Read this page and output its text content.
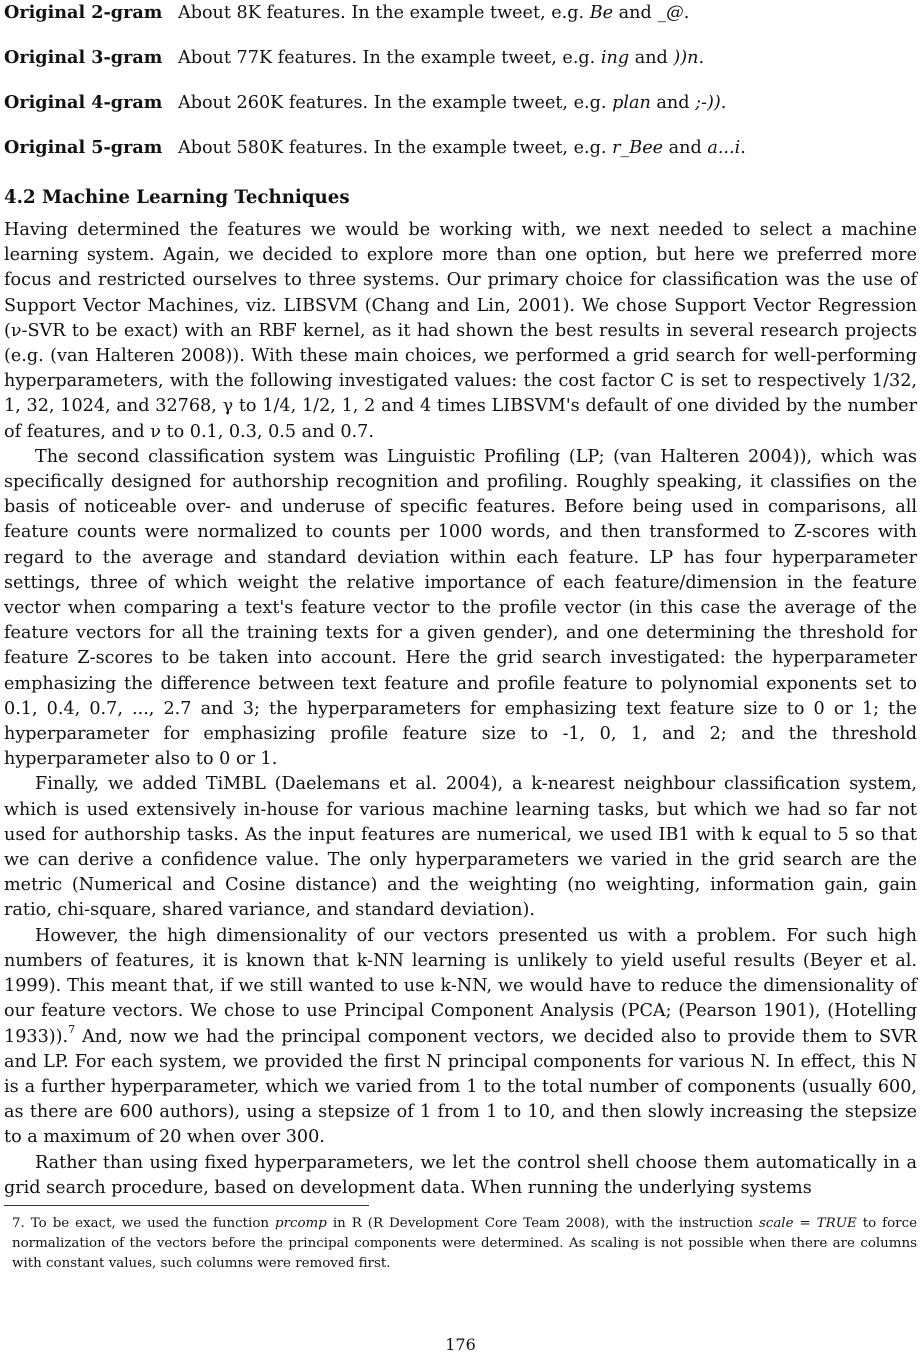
Original 2-gram About 8K features. In the example tweet, e.g. Be and _@.
Original 3-gram About 77K features. In the example tweet, e.g. ing and ))n.
Original 4-gram About 260K features. In the example tweet, e.g. plan and ;-)).
Original 5-gram About 580K features. In the example tweet, e.g. r_Bee and a...i.
4.2 Machine Learning Techniques

Having determined the features we would be working with, we next needed to select a machine learning system. Again, we decided to explore more than one option, but here we preferred more focus and restricted ourselves to three systems. Our primary choice for classification was the use of Support Vector Machines, viz. LIBSVM (Chang and Lin, 2001). We chose Support Vector Regression (ν-SVR to be exact) with an RBF kernel, as it had shown the best results in several research projects (e.g. (van Halteren 2008)). With these main choices, we performed a grid search for well-performing hyperparameters, with the following investigated values: the cost factor C is set to respectively 1/32, 1, 32, 1024, and 32768, γ to 1/4, 1/2, 1, 2 and 4 times LIBSVM's default of one divided by the number of features, and ν to 0.1, 0.3, 0.5 and 0.7.

The second classification system was Linguistic Profiling (LP; (van Halteren 2004)), which was specifically designed for authorship recognition and profiling. Roughly speaking, it classifies on the basis of noticeable over- and underuse of specific features. Before being used in comparisons, all feature counts were normalized to counts per 1000 words, and then transformed to Z-scores with regard to the average and standard deviation within each feature. LP has four hyperparameter settings, three of which weight the relative importance of each feature/dimension in the feature vector when comparing a text's feature vector to the profile vector (in this case the average of the feature vectors for all the training texts for a given gender), and one determining the threshold for feature Z-scores to be taken into account. Here the grid search investigated: the hyperparameter emphasizing the difference between text feature and profile feature to polynomial exponents set to 0.1, 0.4, 0.7, ..., 2.7 and 3; the hyperparameters for emphasizing text feature size to 0 or 1; the hyperparameter for emphasizing profile feature size to -1, 0, 1, and 2; and the threshold hyperparameter also to 0 or 1.

Finally, we added TiMBL (Daelemans et al. 2004), a k-nearest neighbour classification system, which is used extensively in-house for various machine learning tasks, but which we had so far not used for authorship tasks. As the input features are numerical, we used IB1 with k equal to 5 so that we can derive a confidence value. The only hyperparameters we varied in the grid search are the metric (Numerical and Cosine distance) and the weighting (no weighting, information gain, gain ratio, chi-square, shared variance, and standard deviation).

However, the high dimensionality of our vectors presented us with a problem. For such high numbers of features, it is known that k-NN learning is unlikely to yield useful results (Beyer et al. 1999). This meant that, if we still wanted to use k-NN, we would have to reduce the dimensionality of our feature vectors. We chose to use Principal Component Analysis (PCA; (Pearson 1901), (Hotelling 1933)).$^7$ And, now we had the principal component vectors, we decided also to provide them to SVR and LP. For each system, we provided the first N principal components for various N. In effect, this N is a further hyperparameter, which we varied from 1 to the total number of components (usually 600, as there are 600 authors), using a stepsize of 1 from 1 to 10, and then slowly increasing the stepsize to a maximum of 20 when over 300.

Rather than using fixed hyperparameters, we let the control shell choose them automatically in a grid search procedure, based on development data. When running the underlying systems

7. To be exact, we used the function prcomp in R (R Development Core Team 2008), with the instruction scale = TRUE to force normalization of the vectors before the principal components were determined. As scaling is not possible when there are columns with constant values, such columns were removed first.

176
